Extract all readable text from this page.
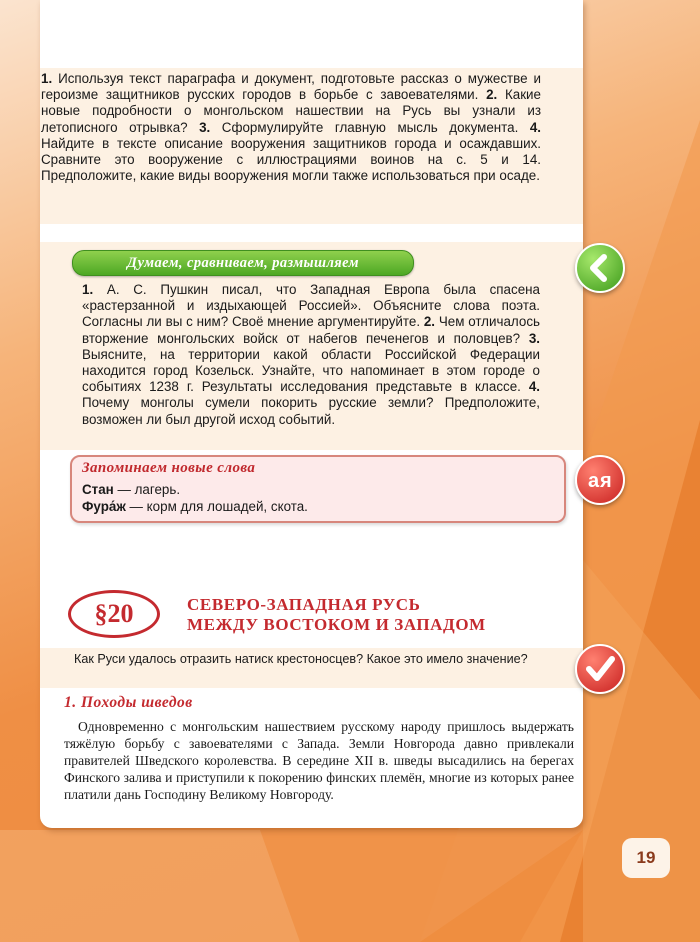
1. Используя текст параграфа и документ, подготовьте рассказ о мужестве и героизме защитников русских городов в борьбе с завоевателями. 2. Какие новые подробности о монгольском нашествии на Русь вы узнали из летописного отрывка? 3. Сформулируйте главную мысль документа. 4. Найдите в тексте описание вооружения защитников города и осаждавших. Сравните это вооружение с иллюстрациями воинов на с. 5 и 14. Предположите, какие виды вооружения могли также использоваться при осаде.
Думаем, сравниваем, размышляем
1. А. С. Пушкин писал, что Западная Европа была спасена «растерзанной и издыхающей Россией». Объясните слова поэта. Согласны ли вы с ним? Своё мнение аргументируйте. 2. Чем отличалось вторжение монгольских войск от набегов печенегов и половцев? 3. Выясните, на территории какой области Российской Федерации находится город Козельск. Узнайте, что напоминает в этом городе о событиях 1238 г. Результаты исследования представьте в классе. 4. Почему монголы сумели покорить русские земли? Предположите, возможен ли был другой исход событий.
Запоминаем новые слова
Стан — лагерь.
Фура́ж — корм для лошадей, скота.
§20	СЕВЕРО-ЗАПАДНАЯ РУСЬ
МЕЖДУ ВОСТОКОМ И ЗАПАДОМ
Как Руси удалось отразить натиск крестоносцев? Какое это имело значение?
1. Походы шведов
Одновременно с монгольским нашествием русскому народу пришлось выдержать тяжёлую борьбу с завоевателями с Запада. Земли Новгорода давно привлекали правителей Шведского королевства. В середине XII в. шведы высадились на берегах Финского залива и приступили к покорению финских племён, многие из которых ранее платили дань Господину Великому Новгороду.
а я
19
